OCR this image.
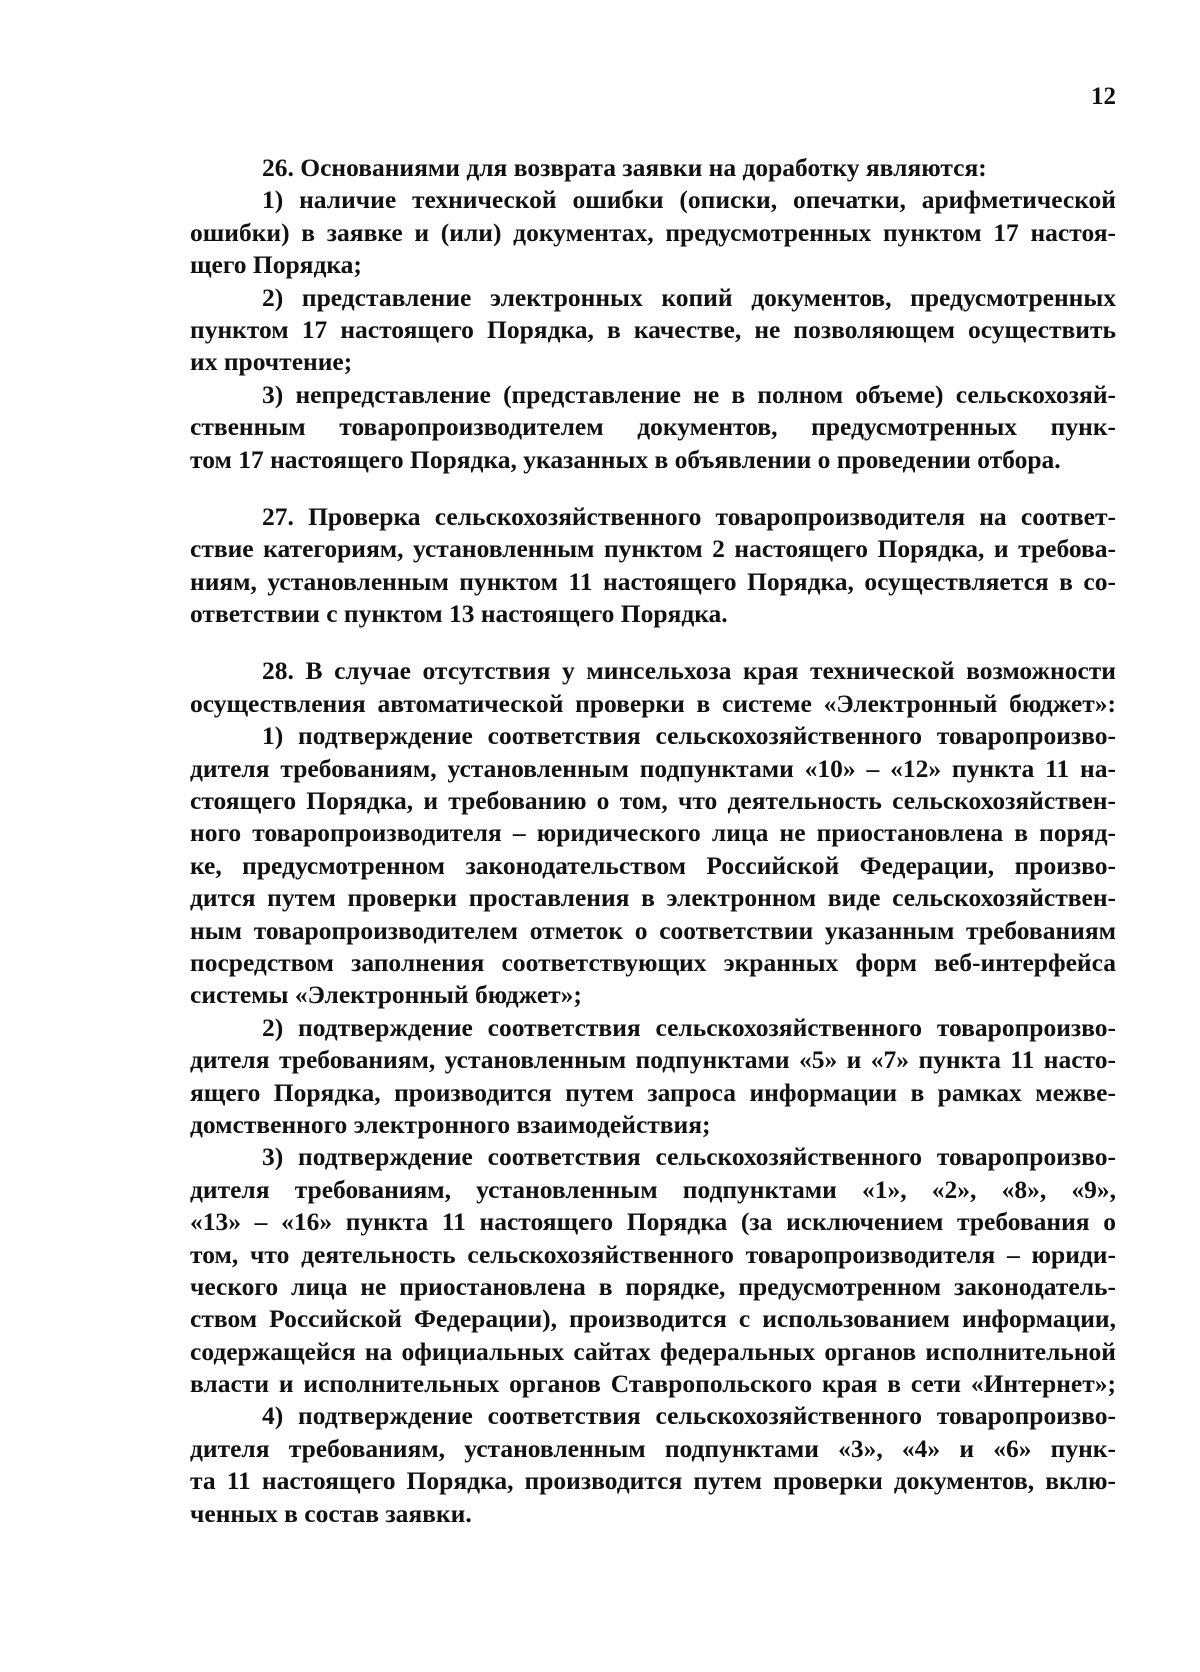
12
26. Основаниями для возврата заявки на доработку являются:
1) наличие технической ошибки (описки, опечатки, арифметической
ошибки) в заявке и (или) документах, предусмотренных пунктом 17 настоя-
щего Порядка;
2) представление электронных копий документов, предусмотренных
пунктом 17 настоящего Порядка, в качестве, не позволяющем осуществить
их прочтение;
3) непредставление (представление не в полном объеме) сельскохозяй-
ственным товаропроизводителем документов, предусмотренных пунк-
том 17 настоящего Порядка, указанных в объявлении о проведении отбора.
27. Проверка сельскохозяйственного товаропроизводителя на соответ-
ствие категориям, установленным пунктом 2 настоящего Порядка, и требова-
ниям, установленным пунктом 11 настоящего Порядка, осуществляется в со-
ответствии с пунктом 13 настоящего Порядка.
28. В случае отсутствия у минсельхоза края технической возможности
осуществления автоматической проверки в системе «Электронный бюджет»:
1) подтверждение соответствия сельскохозяйственного товаропроизво-
дителя требованиям, установленным подпунктами «10» – «12» пункта 11 на-
стоящего Порядка, и требованию о том, что деятельность сельскохозяйствен-
ного товаропроизводителя – юридического лица не приостановлена в поряд-
ке, предусмотренном законодательством Российской Федерации, произво-
дится путем проверки проставления в электронном виде сельскохозяйствен-
ным товаропроизводителем отметок о соответствии указанным требованиям
посредством заполнения соответствующих экранных форм веб-интерфейса
системы «Электронный бюджет»;
2) подтверждение соответствия сельскохозяйственного товаропроизво-
дителя требованиям, установленным подпунктами «5» и «7» пункта 11 насто-
ящего Порядка, производится путем запроса информации в рамках межве-
домственного электронного взаимодействия;
3) подтверждение соответствия сельскохозяйственного товаропроизво-
дителя требованиям, установленным подпунктами «1», «2», «8», «9»,
«13» – «16» пункта 11 настоящего Порядка (за исключением требования о
том, что деятельность сельскохозяйственного товаропроизводителя – юриди-
ческого лица не приостановлена в порядке, предусмотренном законодатель-
ством Российской Федерации), производится с использованием информации,
содержащейся на официальных сайтах федеральных органов исполнительной
власти и исполнительных органов Ставропольского края в сети «Интернет»;
4) подтверждение соответствия сельскохозяйственного товаропроизво-
дителя требованиям, установленным подпунктами «3», «4» и «6» пунк-
та 11 настоящего Порядка, производится путем проверки документов, вклю-
ченных в состав заявки.
